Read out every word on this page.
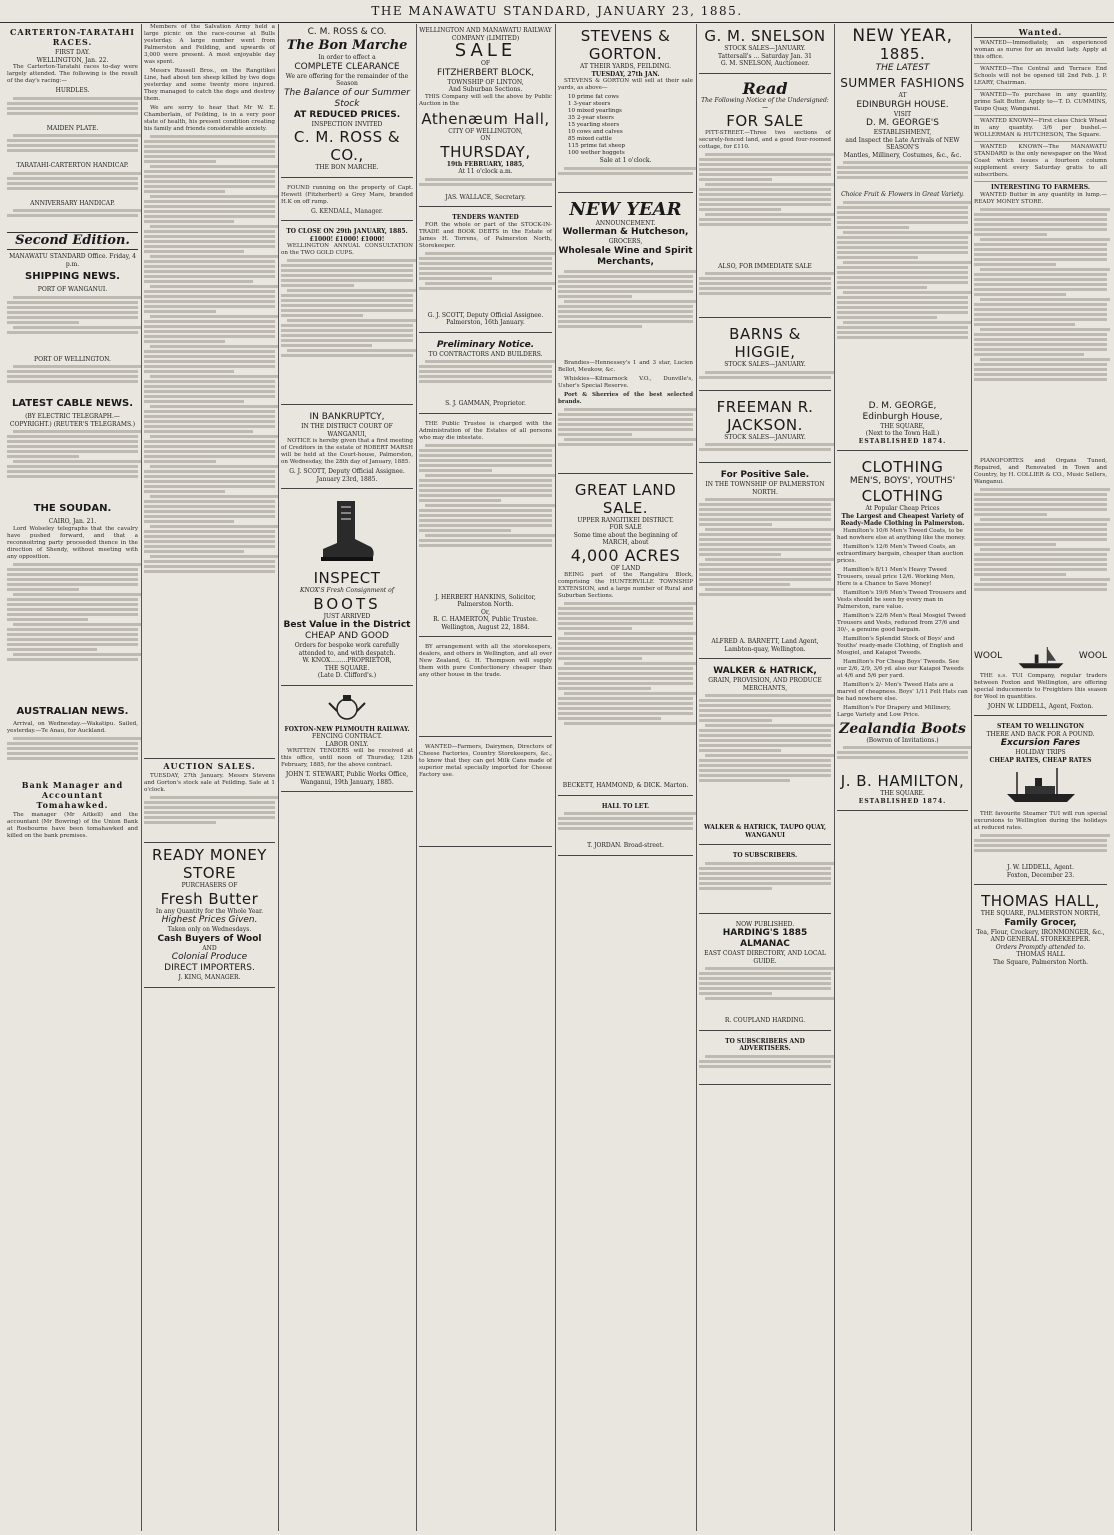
THE MANAWATU STANDARD, JANUARY 23, 1885.
CARTERTON-TARATAHI RACES.
FIRST DAY.
WELLINGTON, Jan. 22.

The Carterton-Taratahi races to-day were largely attended. The following is the result of the day's racing:—

HURDLES.
MAIDEN PLATE.
TARATAHI-CARTERTON HANDICAP.
ANNIVERSARY HANDICAP.
Second Edition.
MANAWATU STANDARD Office. Friday, 4 p.m.
SHIPPING NEWS.
PORT OF WANGANUI.
PORT OF WELLINGTON.
LATEST CABLE NEWS.
(BY ELECTRIC TELEGRAPH.—COPYRIGHT.) (REUTER'S TELEGRAMS.)
THE SOUDAN.
CAIRO, Jan. 21.

Lord Wolseley telegraphs that the cavalry have pushed forward, and that a reconnoitring party proceeded thence in the direction of Shendy, without meeting with any opposition.

AUSTRALIAN NEWS.

Arrival, on Wednesday.—Wakatipu. Sailed, yesterday.—Te Anau, for Auckland.

Bank Manager and Accountant Tomahawked.

The manager (Mr Aitkell) and the accountant (Mr Bowring) of the Union Bank at Roebourne have been tomahawked and killed on the bank premises.

Members of the Salvation Army held a large picnic on the race-course at Bulls yesterday. A large number went from Palmerston and Feilding, and upwards of 3,000 were present. A most enjoyable day was spent.

Messrs Russell Bros., on the Rangitikei Line, had about ten sheep killed by two dogs yesterday and some twenty more injured. They managed to catch the dogs and destroy them.

We are sorry to hear that Mr W. E. Chamberlain, of Feilding, is in a very poor state of health, his present condition creating his family and friends considerable anxiety.

AUCTION SALES.

TUESDAY, 27th January. Messrs Stevens and Gorton's stock sale at Feilding. Sale at 1 o'clock.

READY MONEY STORE
PURCHASERS OF
Fresh Butter
In any Quantity for the Whole Year.
Highest Prices Given.
Taken only on Wednesdays.
Cash Buyers of Wool
AND
Colonial Produce
DIRECT IMPORTERS.
J. KING, MANAGER.
C. M. ROSS & CO.
The Bon Marche
In order to effect a
COMPLETE CLEARANCE
We are offering for the remainder of the Season
The Balance of our Summer Stock
AT REDUCED PRICES.
INSPECTION INVITED
C. M. ROSS & CO.,
THE BON MARCHE.

FOUND running on the property of Capt. Hewett (Fitzherbert) a Grey Mare, branded H.K on off rump.

G. KENDALL, Manager.
TO CLOSE ON 29th JANUARY, 1885.
£1000! £1000! £1000!

WELLINGTON ANNUAL CONSULTATION on the TWO GOLD CUPS.

IN BANKRUPTCY,
IN THE DISTRICT COURT OF WANGANUI,

NOTICE is hereby given that a first meeting of Creditors in the estate of ROBERT MARSH will be held at the Court-house, Palmerston, on Wednesday, the 28th day of January, 1885.

G. J. SCOTT, Deputy Official Assignee. January 23rd, 1885.
INSPECT
KNOX'S Fresh Consignment of
BOOTS
JUST ARRIVED
Best Value in the District
CHEAP AND GOOD
Orders for bespoke work carefully attended to, and with despatch.
W. KNOX.........PROPRIETOR,
THE SQUARE.
(Late D. Clifford's.)
FOXTON-NEW PLYMOUTH RAILWAY.
FENCING CONTRACT.
LABOR ONLY.

WRITTEN TENDERS will be received at this office, until noon of Thursday, 12th February, 1885, for the above contract.

JOHN T. STEWART, Public Works Office, Wanganui, 19th January, 1885.
WELLINGTON AND MANAWATU RAILWAY COMPANY (LIMITED)
SALE
OF
FITZHERBERT BLOCK,
TOWNSHIP OF LINTON,
And Suburban Sections.

THIS Company will sell the above by Public Auction in the

Athenæum Hall,
CITY OF WELLINGTON,
ON
THURSDAY,
19th FEBRUARY, 1885,
At 11 o'clock a.m.
JAS. WALLACE, Secretary.
TENDERS WANTED

FOR the whole or part of the STOCK-IN-TRADE and BOOK DEBTS in the Estate of James H. Torrens, of Palmerston North, Storekeeper.

G. J. SCOTT, Deputy Official Assignee. Palmerston, 16th January.
Preliminary Notice.
TO CONTRACTORS AND BUILDERS.
S. J. GAMMAN, Proprietor.

THE Public Trustee is charged with the Administration of the Estates of all persons who may die intestate.

J. HERBERT HANKINS, Solicitor, Palmerston North.
Or,
R. C. HAMERTON, Public Trustee.
Wellington, August 22, 1884.

BY arrangement with all the storekeepers, dealers, and others in Wellington, and all over New Zealand, G. H. Thompson will supply them with pure Confectionery cheaper than any other house in the trade.

WANTED—Farmers, Dairymen, Directors of Cheese Factories, Country Storekeepers, &c., to know that they can get Milk Cans made of superior metal specially imported for Cheese Factory use.

STEVENS & GORTON.
AT THEIR YARDS, FEILDING.
TUESDAY, 27th JAN.

STEVENS & GORTON will sell at their sale yards, as above—

10 prime fat cows
1 3-year steers
10 mixed yearlings
35 2-year steers
15 yearling steers
10 cows and calves
85 mixed cattle
115 prime fat sheep
100 wether hoggets
Sale at 1 o'clock.
NEW YEAR
ANNOUNCEMENT.
Wollerman & Hutcheson,
GROCERS,
Wholesale Wine and Spirit Merchants,

Brandies—Hennessey's 1 and 3 star, Lucien Bellot, Meukow, &c.

Whiskies—Kilmarnock V.O., Dunville's, Usher's Special Reserve.

Port & Sherries of the best selected brands.

GREAT LAND SALE.
UPPER RANGITIKEI DISTRICT.
FOR SALE
Some time about the beginning of
MARCH, about
4,000 ACRES
OF LAND

BEING part of the Rangatira Block, comprising the HUNTERVILLE TOWNSHIP EXTENSION, and a large number of Rural and Suburban Sections.

BECKETT, HAMMOND, & DICK. Marton.
HALL TO LET.
T. JORDAN. Broad-street.
G. M. SNELSON
STOCK SALES—JANUARY.
Tattersall's ... Saturday Jan. 31
G. M. SNELSON, Auctioneer.
Read
The Following Notice of the Undersigned:—
FOR SALE

PITT-STREET.—Three two sections of securely-fenced land, and a good four-roomed cottage, for £110.

ALSO, FOR IMMEDIATE SALE
BARNS & HIGGIE,
STOCK SALES—JANUARY.
FREEMAN R. JACKSON.
STOCK SALES—JANUARY.
For Positive Sale.
IN THE TOWNSHIP OF PALMERSTON NORTH.
ALFRED A. BARNETT, Land Agent, Lambton-quay, Wellington.
WALKER & HATRICK,
GRAIN, PROVISION, AND PRODUCE MERCHANTS,
WALKER & HATRICK, TAUPO QUAY, WANGANUI
TO SUBSCRIBERS.
NOW PUBLISHED.
HARDING'S 1885 ALMANAC
EAST COAST DIRECTORY, AND LOCAL GUIDE.
R. COUPLAND HARDING.
TO SUBSCRIBERS AND ADVERTISERS.
NEW YEAR,
1885.
THE LATEST
SUMMER FASHIONS
AT
EDINBURGH HOUSE.
VISIT
D. M. GEORGE'S
ESTABLISHMENT,
and Inspect the Late Arrivals of NEW SEASON'S
Mantles, Millinery, Costumes, &c., &c.
Choice Fruit & Flowers in Great Variety.
D. M. GEORGE,
Edinburgh House,
THE SQUARE,
(Next to the Town Hall.)
ESTABLISHED 1874.
CLOTHING
MEN'S, BOYS', YOUTHS'
CLOTHING
At Popular Cheap Prices
The Largest and Cheapest Variety of Ready-Made Clothing in Palmerston.

Hamilton's 10/6 Men's Tweed Coats, to be had nowhere else at anything like the money.

Hamilton's 12/6 Men's Tweed Coats, an extraordinary bargain, cheaper than auction prices.

Hamilton's 8/11 Men's Heavy Tweed Trousers, usual price 12/6. Working Men, Here is a Chance to Save Money!

Hamilton's 19/6 Men's Tweed Trousers and Vests should be seen by every man in Palmerston, rare value.

Hamilton's 22/6 Men's Real Mosgiel Tweed Trousers and Vests, reduced from 27/6 and 30/-, a genuine good bargain.

Hamilton's Splendid Stock of Boys' and Youths' ready-made Clothing, of English and Mosgiel, and Kaiapoi Tweeds.

Hamilton's For Cheap Boys' Tweeds. See our 2/6, 2/9, 3/6 yd. also our Kaiapoi Tweeds at 4/6 and 5/6 per yard.

Hamilton's 2/- Men's Tweed Hats are a marvel of cheapness. Boys' 1/11 Felt Hats can be had nowhere else.

Hamilton's For Drapery and Millinery, Large Variety and Low Price.

Zealandia Boots
(Bowron of Invitations.)
J. B. HAMILTON,
THE SQUARE.
ESTABLISHED 1874.
Wanted.

WANTED—Immediately, an experienced woman as nurse for an invalid lady. Apply at this office.

WANTED—The Central and Terrace End Schools will not be opened till 2nd Feb. J. P. LEARY, Chairman.

WANTED—To purchase in any quantity, prime Salt Butter. Apply to—T. D. CUMMINS, Taupo Quay, Wanganui.

WANTED KNOWN—First class Chick Wheat in any quantity. 3/6 per bushel.—WOLLERMAN & HUTCHESON, The Square.

WANTED KNOWN—The MANAWATU STANDARD is the only newspaper on the West Coast which issues a fourteen column supplement every Saturday gratis to all subscribers.

INTERESTING TO FARMERS.

WANTED Butter in any quantity in lump.—READY MONEY STORE.

PIANOFORTES and Organs Tuned, Repaired, and Renovated in Town and Country, by H. COLLIER & CO., Music Sellers, Wanganui.

WOOL	WOOL

THE s.s. TUI Company, regular traders between Foxton and Wellington, are offering special inducements to Freighters this season for Wool in quantities.

JOHN W. LIDDELL, Agent, Foxton.
STEAM TO WELLINGTON
THERE AND BACK FOR A POUND.
Excursion Fares
HOLIDAY TRIPS
CHEAP RATES, CHEAP RATES

THE favourite Steamer TUI will run special excursions to Wellington during the holidays at reduced rates.

J. W. LIDDELL, Agent.
Foxton, December 23.
THOMAS HALL,
THE SQUARE, PALMERSTON NORTH,
Family Grocer,
Tea, Flour, Crockery, IRONMONGER, &c., AND GENERAL STOREKEEPER.
Orders Promptly attended to.
THOMAS HALL
The Square, Palmerston North.
